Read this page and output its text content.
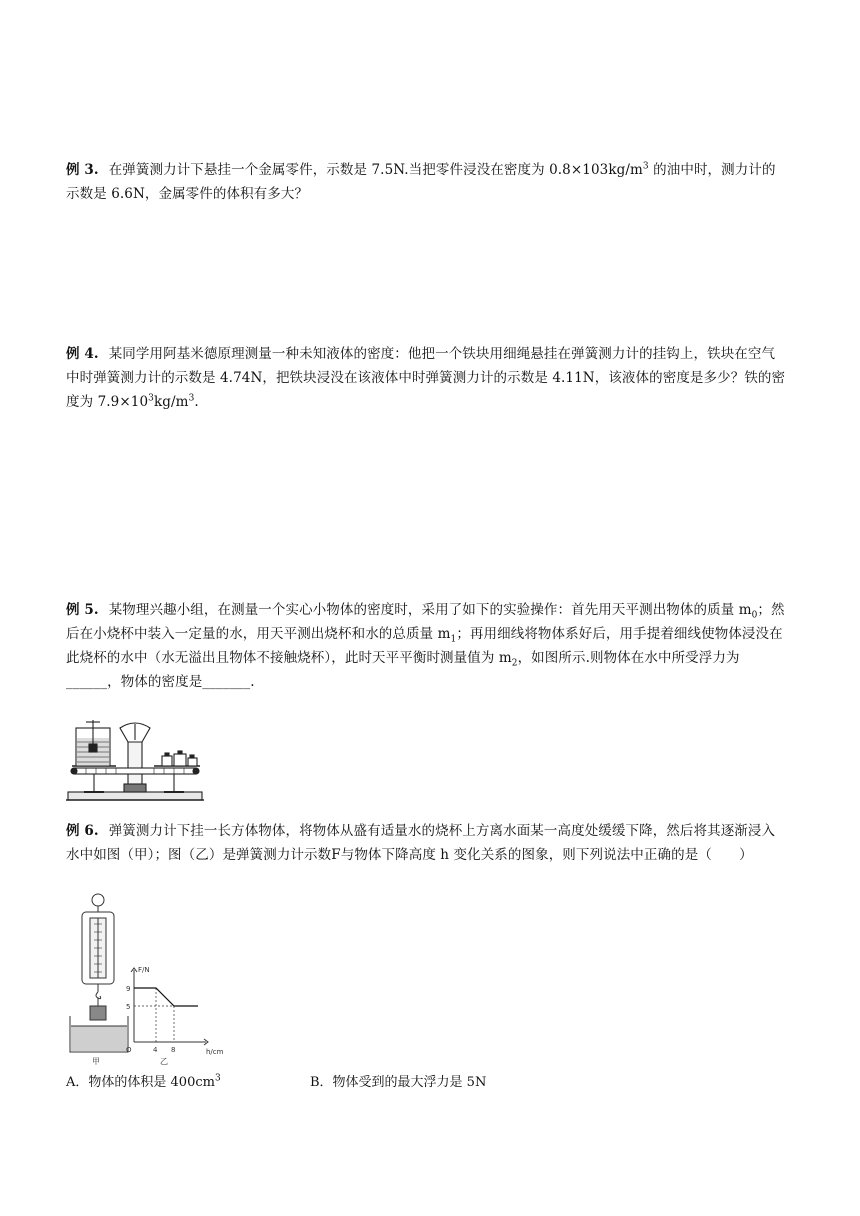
例 3. 在弹簧测力计下悬挂一个金属零件，示数是 7.5N.当把零件浸没在密度为 $0.8\times 103kg/m^3$ 的油中时，测力计的示数是 6.6N，金属零件的体积有多大？
例 4. 某同学用阿基米德原理测量一种未知液体的密度：他把一个铁块用细绳悬挂在弹簧测力计的挂钩上，铁块在空气中时弹簧测力计的示数是 4.74N，把铁块浸没在该液体中时弹簧测力计的示数是 4.11N，该液体的密度是多少？铁的密度为 $7.9\times 10^3kg/m^3$.
例 5. 某物理兴趣小组，在测量一个实心小物体的密度时，采用了如下的实验操作：首先用天平测出物体的质量 $m_0$；然后在小烧杯中装入一定量的水，用天平测出烧杯和水的总质量 $m_1$；再用细线将物体系好后，用手提着细线使物体浸没在此烧杯的水中（水无溢出且物体不接触烧杯），此时天平平衡时测量值为 $m_2$，如图所示.则物体在水中所受浮力为______，物体的密度是_______.
例 6. 弹簧测力计下挂一长方体物体，将物体从盛有适量水的烧杯上方离水面某一高度处缓缓下降，然后将其逐渐浸入水中如图（甲）；图（乙）是弹簧测力计示数F与物体下降高度 h 变化关系的图象，则下列说法中正确的是（　　）
F/N
h/cm
9
5
4 8
O
甲	乙
A．物体的体积是 $400cm^3$	B．物体受到的最大浮力是 5N
